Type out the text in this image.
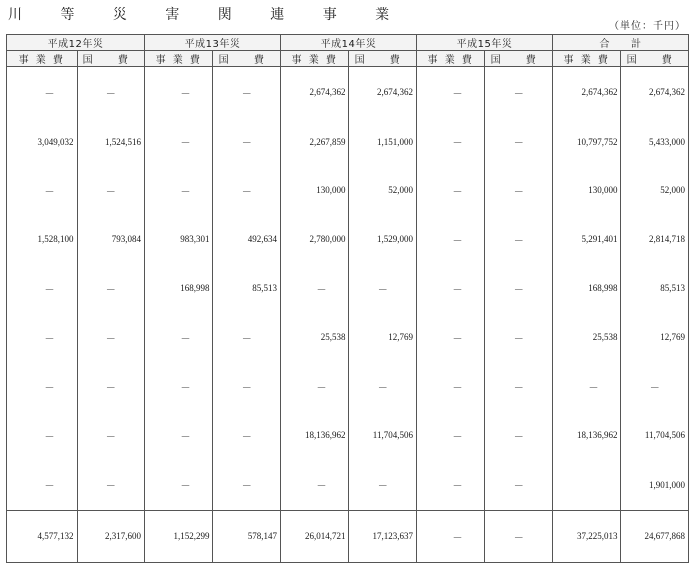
川 等 災 害 関 連 事 業
（単位：千円）
平成12年災		平成13年災		平成14年災		平成15年災		合　　計	
事 業 費	国 費	事 業 費	国 費	事 業 費	国 費	事 業 費	国 費	事 業 費	国 費
－	－	－	－	2,674,362	2,674,362	－	－	2,674,362	2,674,362
3,049,032	1,524,516	－	－	2,267,859	1,151,000	－	－	10,797,752	5,433,000
－	－	－	－	130,000	52,000	－	－	130,000	52,000
1,528,100	793,084	983,301	492,634	2,780,000	1,529,000	－	－	5,291,401	2,814,718
－	－	168,998	85,513	－	－	－	－	168,998	85,513
－	－	－	－	25,538	12,769	－	－	25,538	12,769
－	－	－	－	－	－	－	－	－	－
－	－	－	－	18,136,962	11,704,506	－	－	18,136,962	11,704,506
－	－	－	－	－	－	－	－		1,901,000
4,577,132	2,317,600	1,152,299	578,147	26,014,721	17,123,637	－	－	37,225,013	24,677,868
